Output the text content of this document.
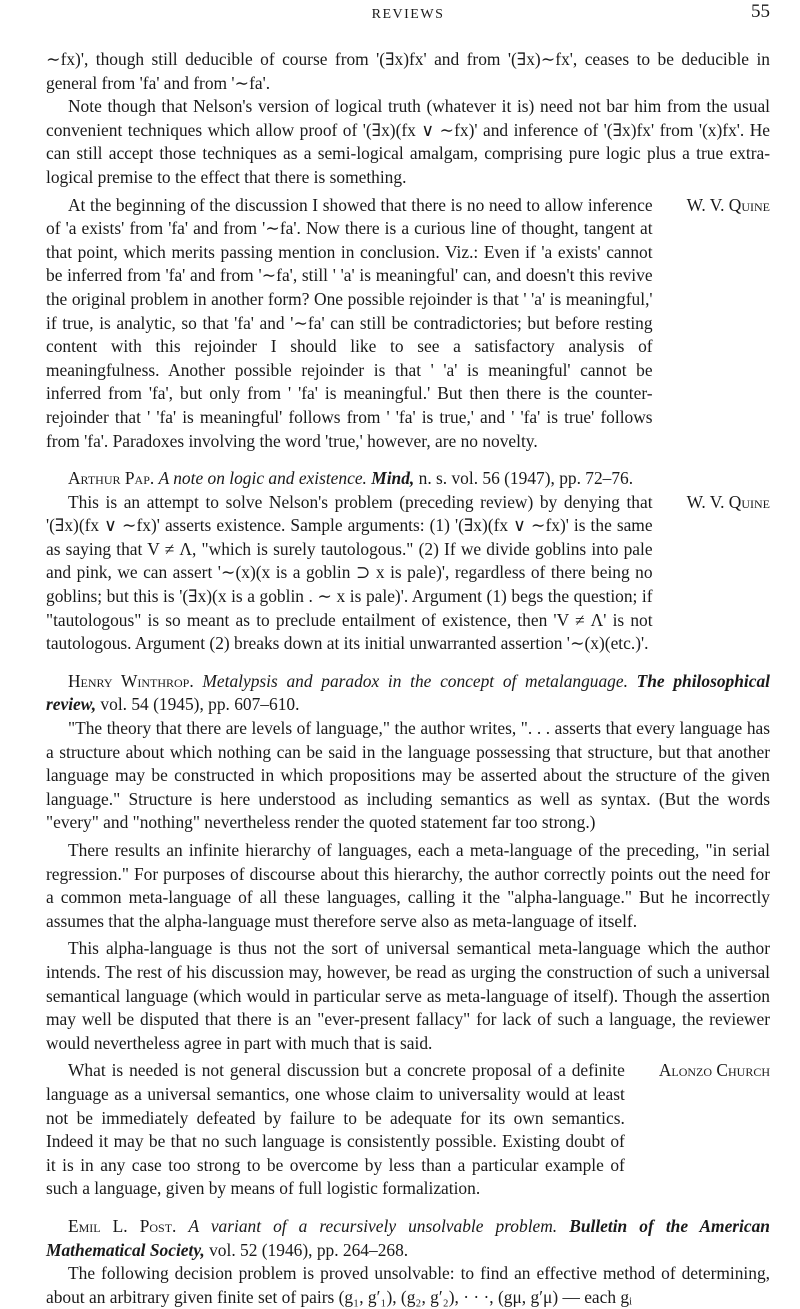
REVIEWS	55

∼fx)', though still deducible of course from '(∃x)fx' and from '(∃x)∼fx', ceases to be deducible in general from 'fa' and from '∼fa'.

Note though that Nelson's version of logical truth (whatever it is) need not bar him from the usual convenient techniques which allow proof of '(∃x)(fx ∨ ∼fx)' and inference of '(∃x)fx' from '(x)fx'. He can still accept those techniques as a semi-logical amalgam, comprising pure logic plus a true extra-logical premise to the effect that there is something.

At the beginning of the discussion I showed that there is no need to allow inference of 'a exists' from 'fa' and from '∼fa'. Now there is a curious line of thought, tangent at that point, which merits passing mention in conclusion. Viz.: Even if 'a exists' cannot be inferred from 'fa' and from '∼fa', still ' 'a' is meaningful' can, and doesn't this revive the original problem in another form? One possible rejoinder is that ' 'a' is meaningful,' if true, is analytic, so that 'fa' and '∼fa' can still be contradictories; but before resting content with this rejoinder I should like to see a satisfactory analysis of meaningfulness. Another possible rejoinder is that ' 'a' is meaningful' cannot be inferred from 'fa', but only from ' 'fa' is meaningful.' But then there is the counter-rejoinder that ' 'fa' is meaningful' follows from ' 'fa' is true,' and ' 'fa' is true' follows from 'fa'. Paradoxes involving the word 'true,' however, are no novelty.
W. V. Quine

Arthur Pap. A note on logic and existence. Mind, n. s. vol. 56 (1947), pp. 72–76.

This is an attempt to solve Nelson's problem (preceding review) by denying that '(∃x)(fx ∨ ∼fx)' asserts existence. Sample arguments: (1) '(∃x)(fx ∨ ∼fx)' is the same as saying that V ≠ Λ, "which is surely tautologous." (2) If we divide goblins into pale and pink, we can assert '∼(x)(x is a goblin ⊃ x is pale)', regardless of there being no goblins; but this is '(∃x)(x is a goblin . ∼ x is pale)'. Argument (1) begs the question; if "tautologous" is so meant as to preclude entailment of existence, then 'V ≠ Λ' is not tautologous. Argument (2) breaks down at its initial unwarranted assertion '∼(x)(etc.)'.
W. V. Quine

Henry Winthrop. Metalypsis and paradox in the concept of metalanguage. The philosophical review, vol. 54 (1945), pp. 607–610.

"The theory that there are levels of language," the author writes, ". . . asserts that every language has a structure about which nothing can be said in the language possessing that structure, but that another language may be constructed in which propositions may be asserted about the structure of the given language." Structure is here understood as including semantics as well as syntax. (But the words "every" and "nothing" nevertheless render the quoted statement far too strong.)

There results an infinite hierarchy of languages, each a meta-language of the preceding, "in serial regression." For purposes of discourse about this hierarchy, the author correctly points out the need for a common meta-language of all these languages, calling it the "alpha-language." But he incorrectly assumes that the alpha-language must therefore serve also as meta-language of itself.

This alpha-language is thus not the sort of universal semantical meta-language which the author intends. The rest of his discussion may, however, be read as urging the construction of such a universal semantical language (which would in particular serve as meta-language of itself). Though the assertion may well be disputed that there is an "ever-present fallacy" for lack of such a language, the reviewer would nevertheless agree in part with much that is said.

What is needed is not general discussion but a concrete proposal of a definite language as a universal semantics, one whose claim to universality would at least not be immediately defeated by failure to be adequate for its own semantics. Indeed it may be that no such language is consistently possible. Existing doubt of it is in any case too strong to be overcome by less than a particular example of such a language, given by means of full logistic formalization.
Alonzo Church

Emil L. Post. A variant of a recursively unsolvable problem. Bulletin of the American Mathematical Society, vol. 52 (1946), pp. 264–268.

The following decision problem is proved unsolvable: to find an effective method of determining, about an arbitrary given finite set of pairs (g₁, g′₁), (g₂, g′₂), · · ·, (gμ, g′μ) — each gᵢ
